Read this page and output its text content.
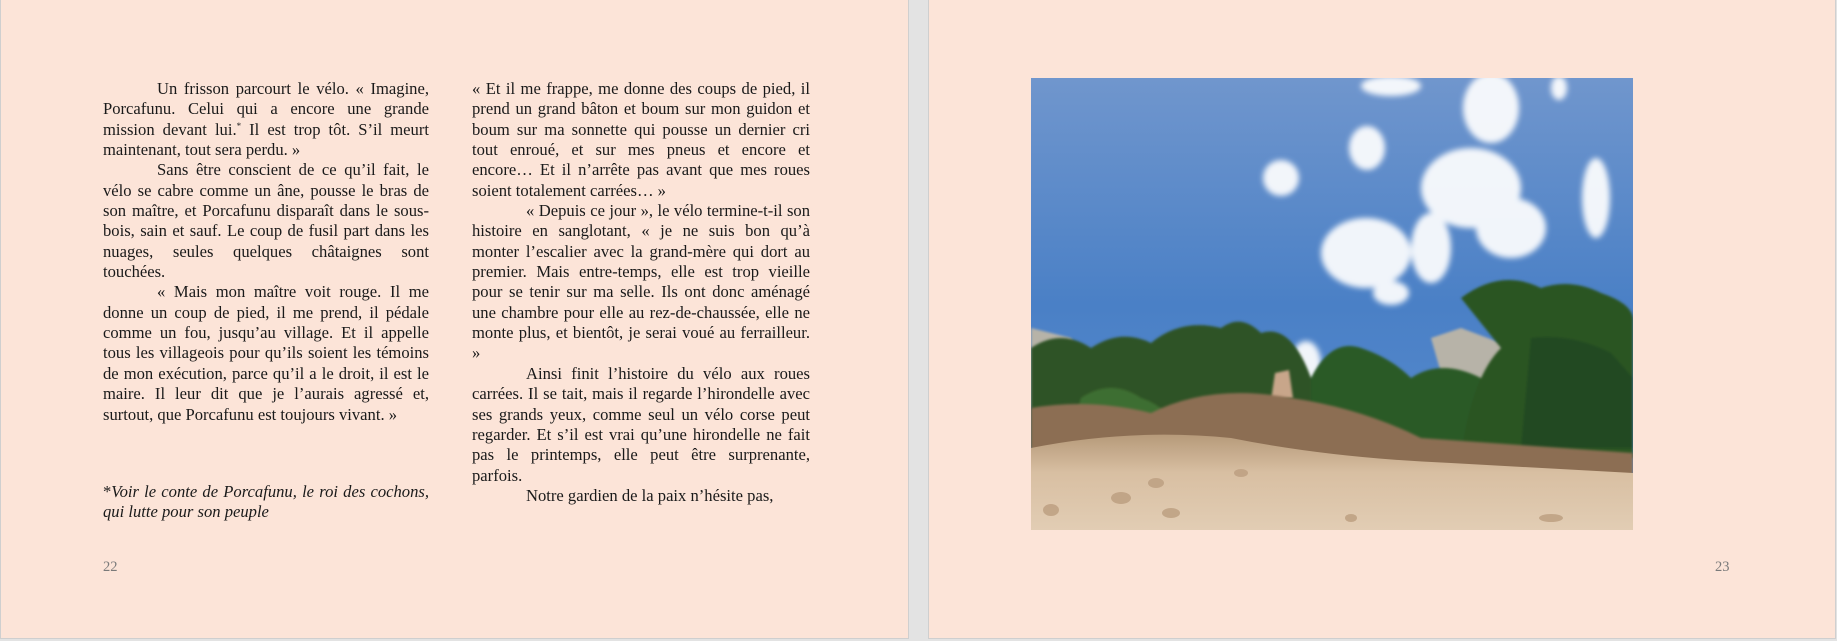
Un frisson parcourt le vélo. « Imagine, Porcafunu. Celui qui a encore une grande mission devant lui.* Il est trop tôt. S’il meurt maintenant, tout sera perdu. »

Sans être conscient de ce qu’il fait, le vélo se cabre comme un âne, pousse le bras de son maître, et Porcafunu disparaît dans le sous-bois, sain et sauf. Le coup de fusil part dans les nuages, seules quelques châtaignes sont touchées.

« Mais mon maître voit rouge. Il me donne un coup de pied, il me prend, il pédale comme un fou, jusqu’au village. Et il appelle tous les villageois pour qu’ils soient les témoins de mon exécution, parce qu’il a le droit, il est le maire. Il leur dit que je l’aurais agressé et, surtout, que Porcafunu est toujours vivant. »

*Voir le conte de Porcafunu, le roi des cochons, qui lutte pour son peuple

« Et il me frappe, me donne des coups de pied, il prend un grand bâton et boum sur mon guidon et boum sur ma sonnette qui pousse un dernier cri tout enroué, et sur mes pneus et encore et encore… Et il n’arrête pas avant que mes roues soient totalement carrées… »

« Depuis ce jour », le vélo termine-t-il son histoire en sanglotant, « je ne suis bon qu’à monter l’escalier avec la grand-mère qui dort au premier. Mais entre-temps, elle est trop vieille pour se tenir sur ma selle. Ils ont donc aménagé une chambre pour elle au rez-de-chaussée, elle ne monte plus, et bientôt, je serai voué au ferrailleur. »

Ainsi finit l’histoire du vélo aux roues carrées. Il se tait, mais il regarde l’hirondelle avec ses grands yeux, comme seul un vélo corse peut regarder. Et s’il est vrai qu’une hirondelle ne fait pas le printemps, elle peut être surprenante, parfois.

Notre gardien de la paix n’hésite pas,

22	23
